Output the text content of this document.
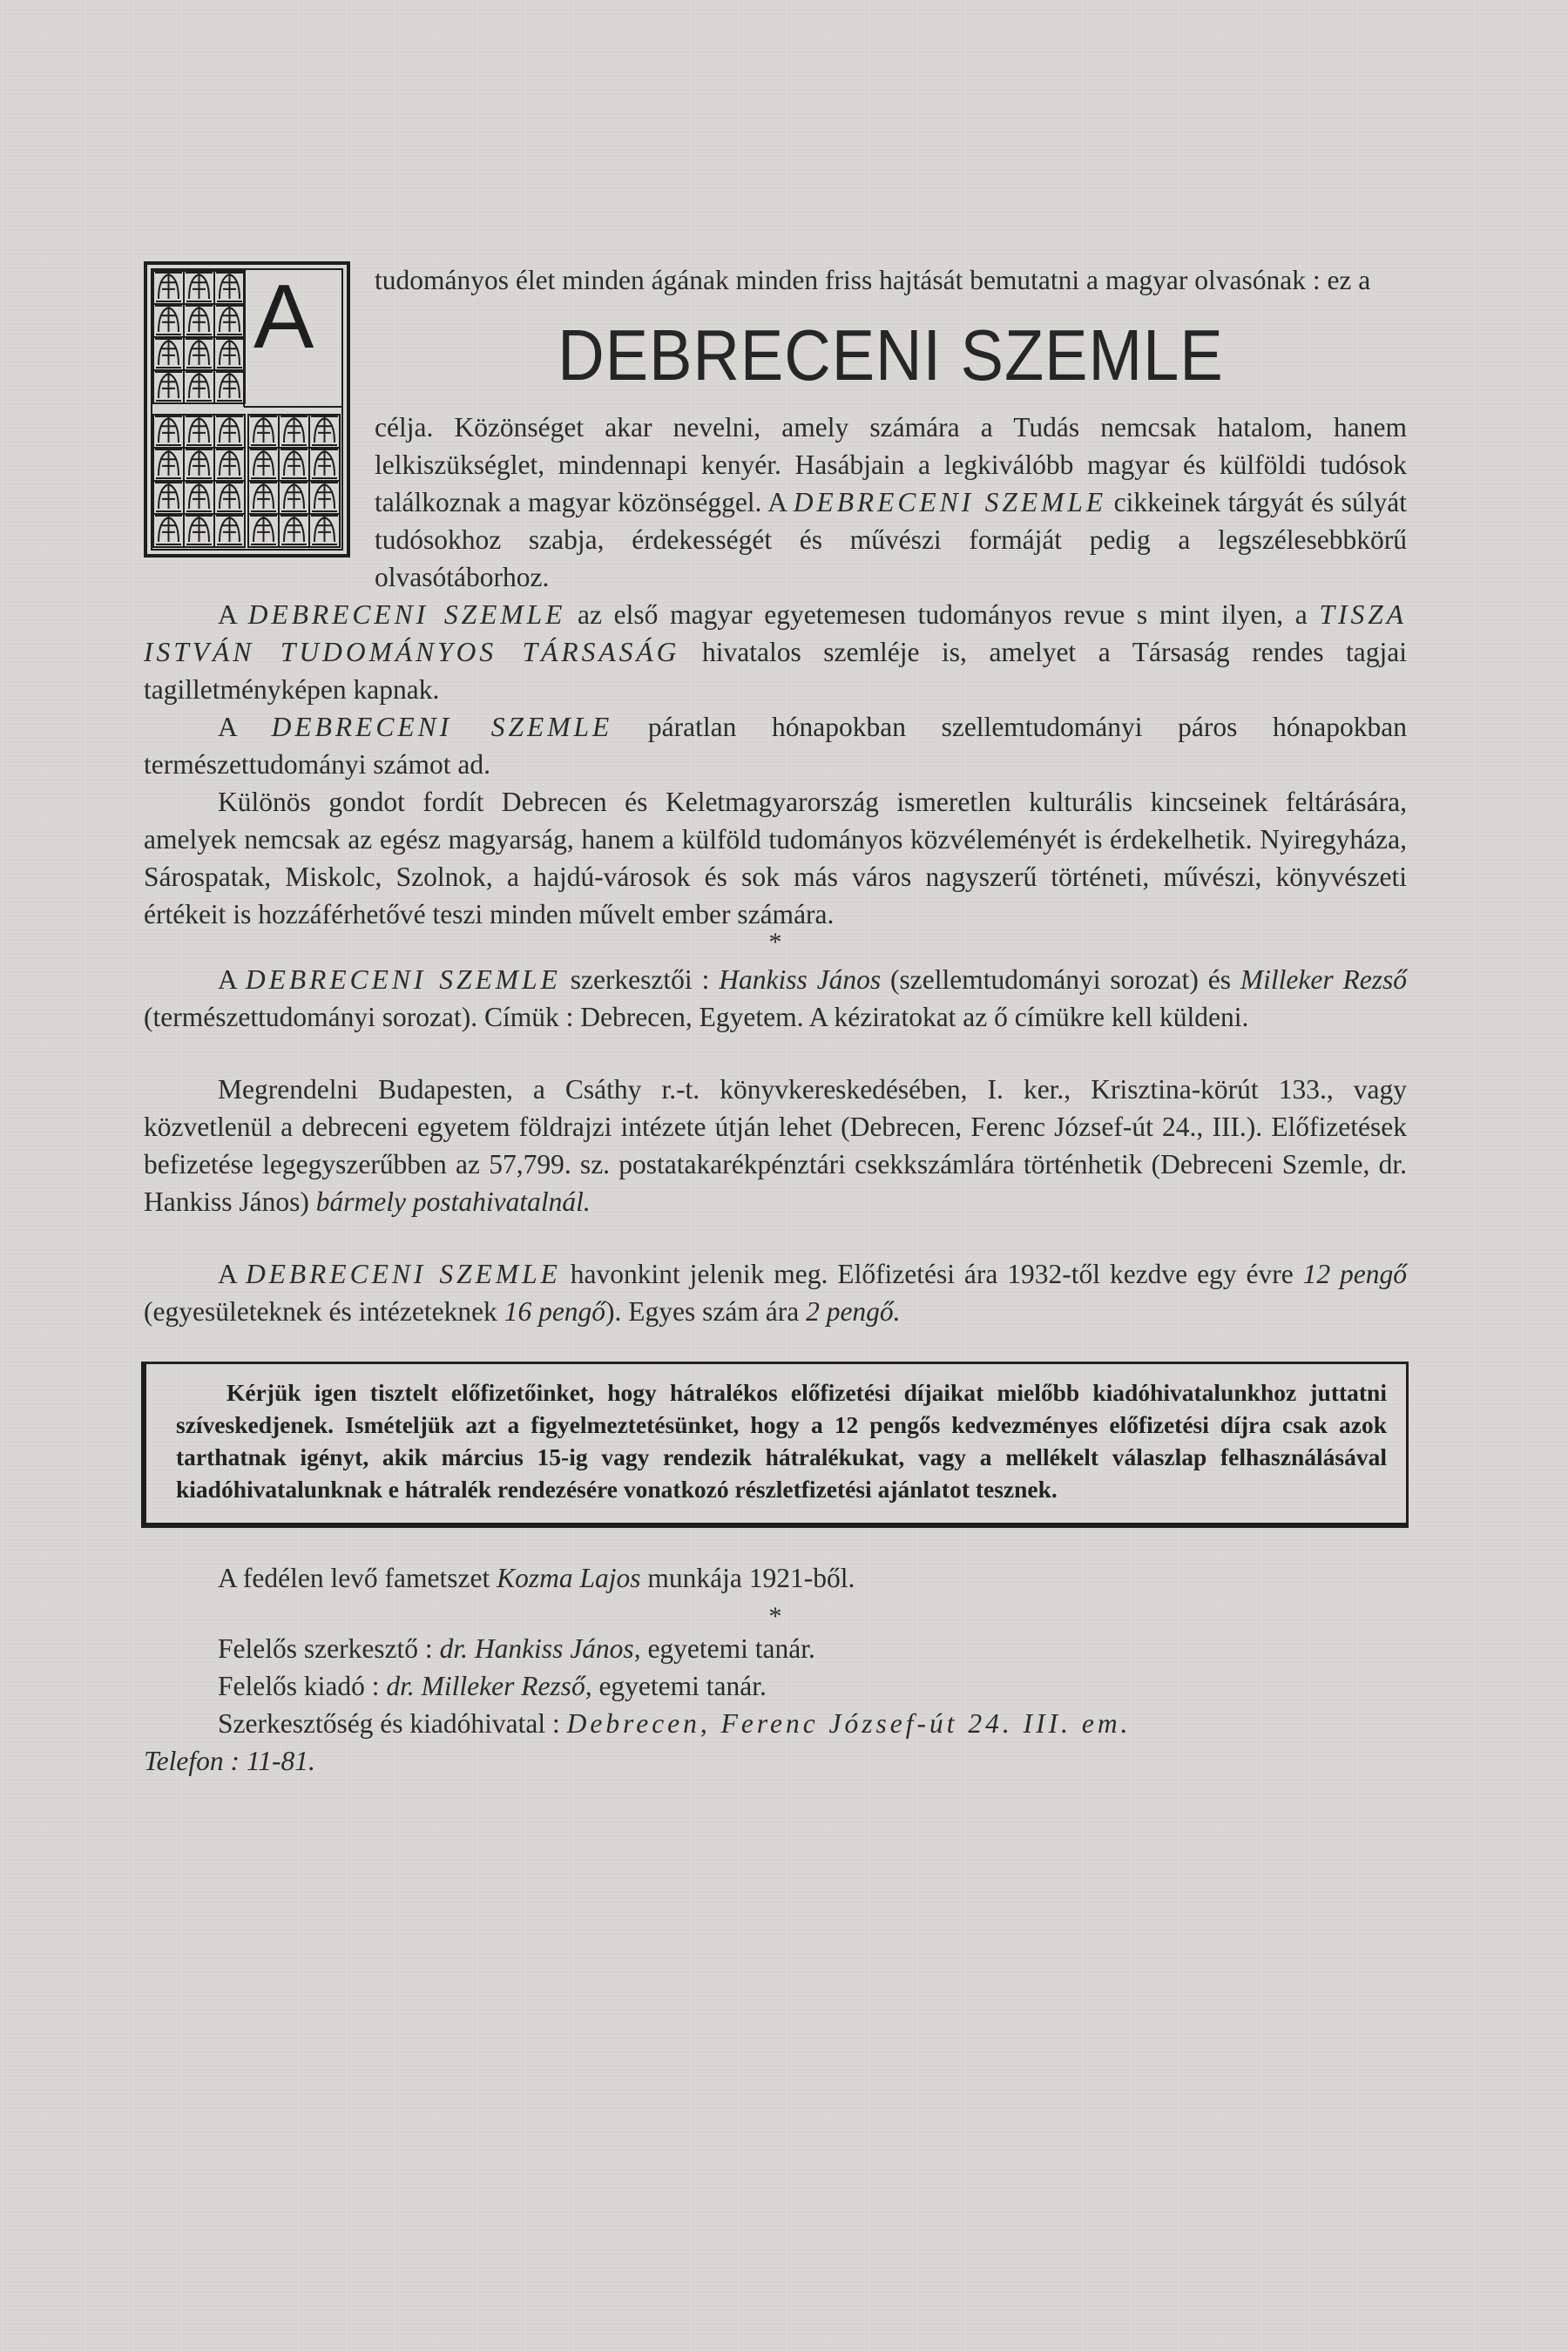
A	tudományos élet minden ágának minden friss hajtását bemutatni a magyar olvasónak : ez a

DEBRECENI SZEMLE

célja. Közönséget akar nevelni, amely számára a Tudás nemcsak hatalom, hanem lelkiszükséglet, mindennapi kenyér. Hasábjain a legkiválóbb magyar és külföldi tudósok találkoznak a magyar közönséggel. A DEBRECENI SZEMLE cikkeinek tárgyát és súlyát tudósokhoz szabja, érdekességét és művészi formáját pedig a legszélesebbkörű olvasótáborhoz.

A DEBRECENI SZEMLE az első magyar egyetemesen tudományos revue s mint ilyen, a TISZA ISTVÁN TUDOMÁNYOS TÁRSASÁG hivatalos szemléje is, amelyet a Társaság rendes tagjai tagilletményképen kapnak.

A DEBRECENI SZEMLE páratlan hónapokban szellemtudományi páros hónapokban természettudományi számot ad.

Különös gondot fordít Debrecen és Keletmagyarország ismeretlen kulturális kincseinek feltárására, amelyek nemcsak az egész magyarság, hanem a külföld tudományos közvéleményét is érdekelhetik. Nyiregyháza, Sárospatak, Miskolc, Szolnok, a hajdú-városok és sok más város nagyszerű történeti, művészi, könyvészeti értékeit is hozzáférhetővé teszi minden művelt ember számára.

*

A DEBRECENI SZEMLE szerkesztői : Hankiss János (szellemtudományi sorozat) és Milleker Rezső (természettudományi sorozat). Címük : Debrecen, Egyetem. A kéziratokat az ő címükre kell küldeni.

Megrendelni Budapesten, a Csáthy r.-t. könyvkereskedésében, I. ker., Krisztina-körút 133., vagy közvetlenül a debreceni egyetem földrajzi intézete útján lehet (Debrecen, Ferenc József-út 24., III.). Előfizetések befizetése legegyszerűbben az 57,799. sz. postatakarékpénztári csekkszámlára történhetik (Debreceni Szemle, dr. Hankiss János) bármely postahivatalnál.

A DEBRECENI SZEMLE havonkint jelenik meg. Előfizetési ára 1932-től kezdve egy évre 12 pengő (egyesületeknek és intézeteknek 16 pengő). Egyes szám ára 2 pengő.

Kérjük igen tisztelt előfizetőinket, hogy hátralékos előfizetési díjaikat mielőbb kiadóhivatalunkhoz juttatni szíveskedjenek. Ismételjük azt a figyelmeztetésünket, hogy a 12 pengős kedvezményes előfizetési díjra csak azok tarthatnak igényt, akik március 15-ig vagy rendezik hátralékukat, vagy a mellékelt válaszlap felhasználásával kiadóhivatalunknak e hátralék rendezésére vonatkozó részletfizetési ajánlatot tesznek.

A fedélen levő fametszet Kozma Lajos munkája 1921-ből.

*

Felelős szerkesztő : dr. Hankiss János, egyetemi tanár.

Felelős kiadó : dr. Milleker Rezső, egyetemi tanár.

Szerkesztőség és kiadóhivatal : Debrecen, Ferenc József-út 24. III. em.

Telefon : 11-81.
